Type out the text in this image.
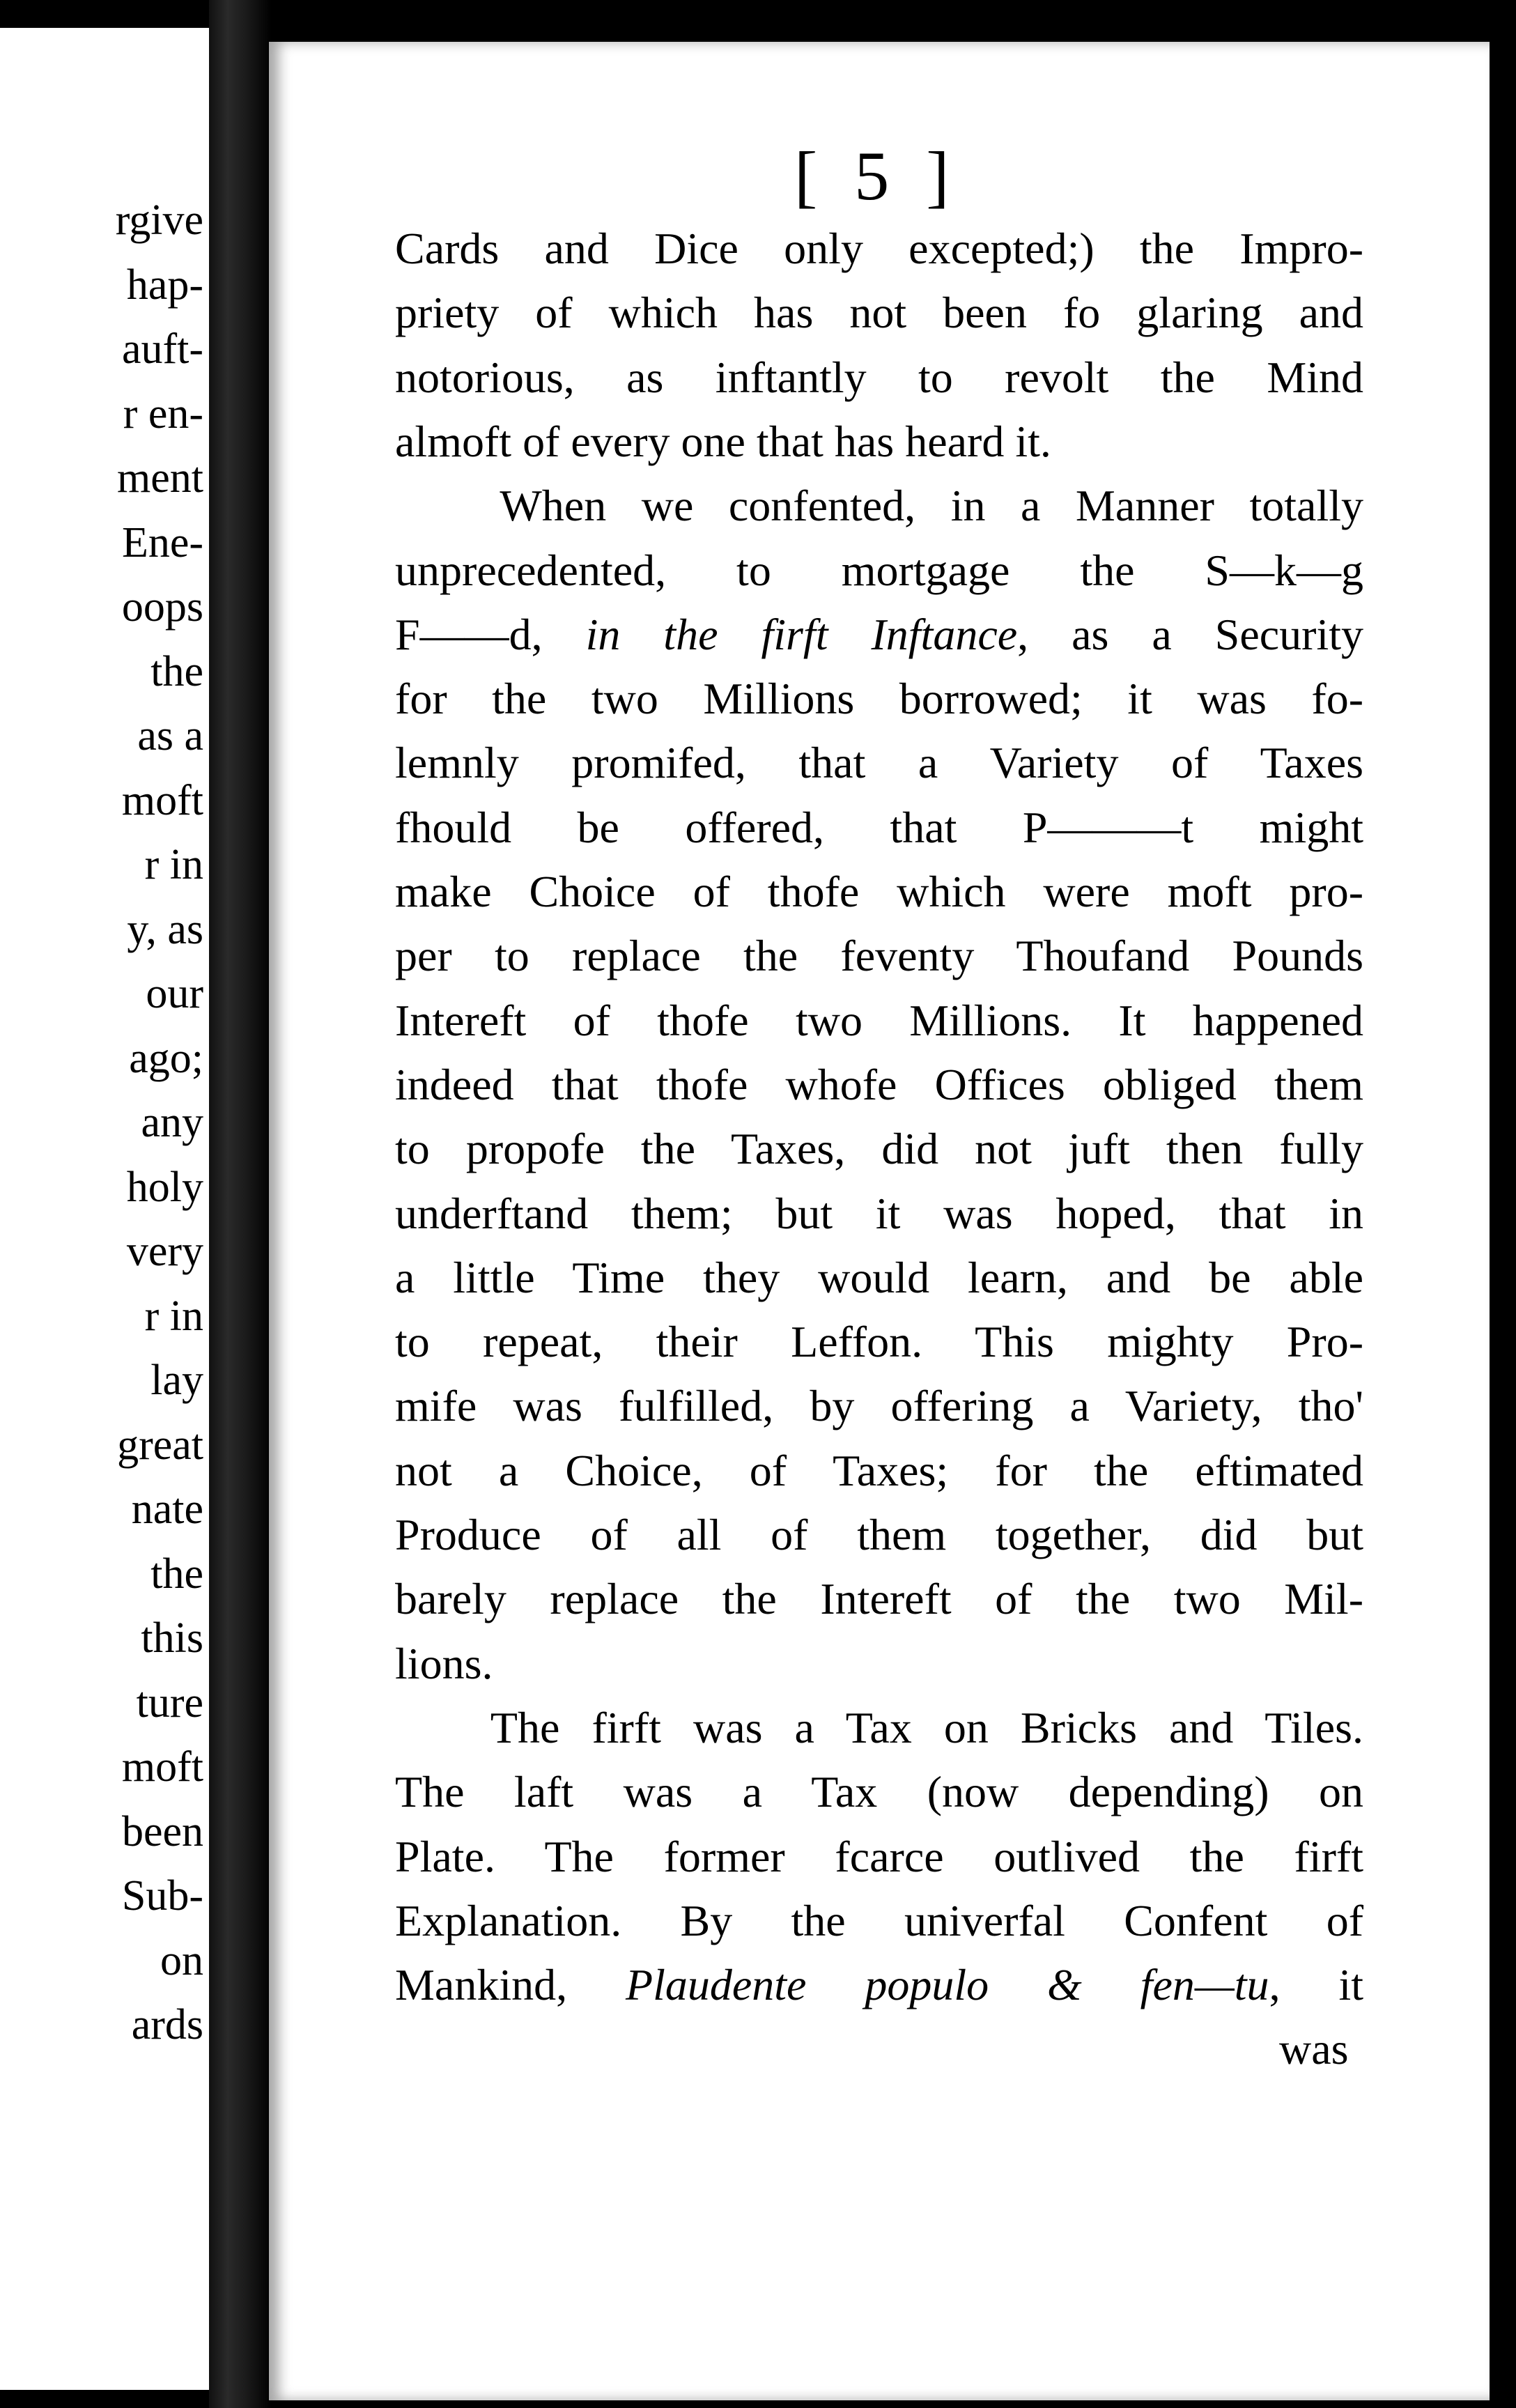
rgive
hap-
auft-
r en-
ment
Ene-
oops
the
as a
moft
r in
y, as
our
ago;
any
holy
very
r in
lay
great
nate
the
this
ture
moft
been
Sub-
on
ards
[ 5 ]
Cards and Dice only excepted;) the Impro-
priety of which has not been fo glaring and
notorious, as inftantly to revolt the Mind
almoft of every one that has heard it.
When we confented, in a Manner totally
unprecedented, to mortgage the S—k—g
F——d, in the firft Inftance, as a Security
for the two Millions borrowed; it was fo-
lemnly promifed, that a Variety of Taxes
fhould be offered, that P———t might
make Choice of thofe which were moft pro-
per to replace the feventy Thoufand Pounds
Intereft of thofe two Millions. It happened
indeed that thofe whofe Offices obliged them
to propofe the Taxes, did not juft then fully
underftand them; but it was hoped, that in
a little Time they would learn, and be able
to repeat, their Leffon. This mighty Pro-
mife was fulfilled, by offering a Variety, tho'
not a Choice, of Taxes; for the eftimated
Produce of all of them together, did but
barely replace the Intereft of the two Mil-
lions.
The firft was a Tax on Bricks and Tiles.
The laft was a Tax (now depending) on
Plate. The former fcarce outlived the firft
Explanation. By the univerfal Confent of
Mankind, Plaudente populo & fen—tu, it
was
